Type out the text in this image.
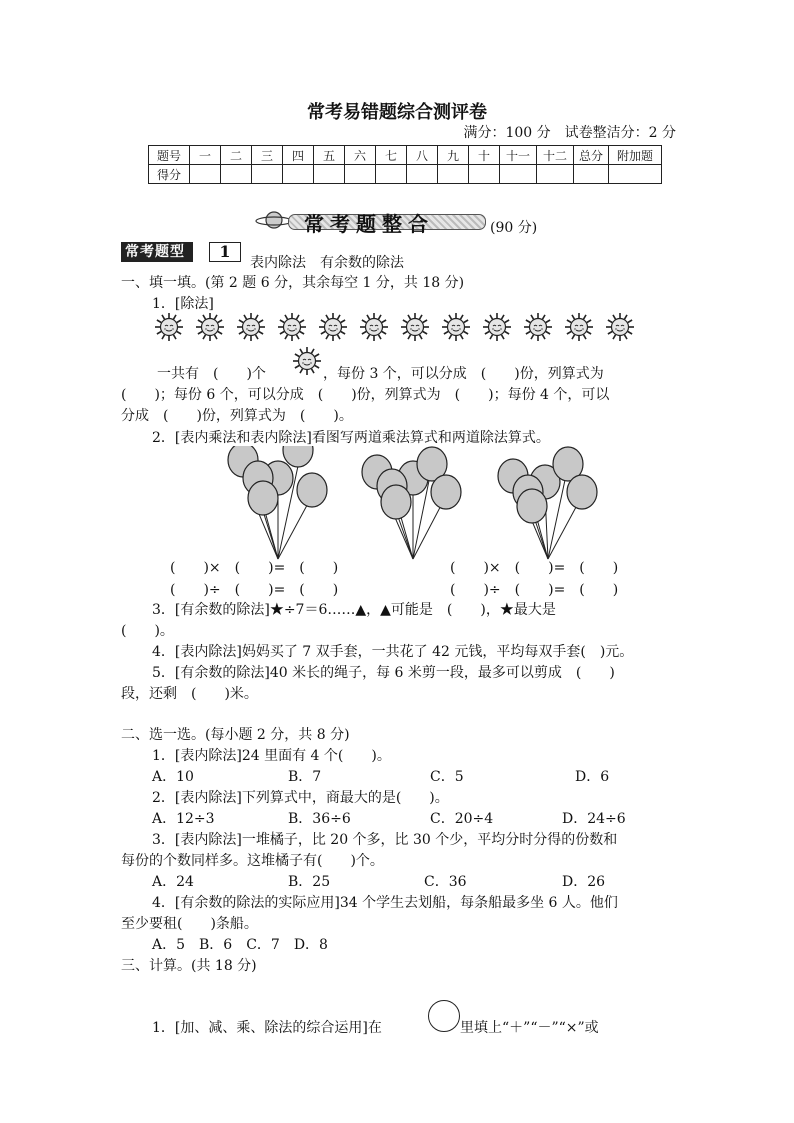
常考易错题综合测评卷
满分：100 分　试卷整洁分：2 分
题号	一	二	三	四	五	六	七	八	九	十	十一	十二	总分	附加题
得分														
常考题整合	(90 分)
常考题型	1
表内除法　有余数的除法
一、填一填。(第 2 题 6 分，其余每空 1 分，共 18 分)
1．[除法]
一共有　(　　)个	，每份 3 个，可以分成　(　　)份，列算式为
(　　)；每份 6 个，可以分成　(　　)份，列算式为　(　　)；每份 4 个，可以
分成　(　　)份，列算式为　(　　)。
2．[表内乘法和表内除法]看图写两道乘法算式和两道除法算式。
(　　)×　(　　)=　(　　)	(　　)×　(　　)=　(　　)
(　　)÷　(　　)=　(　　)	(　　)÷　(　　)=　(　　)
3．[有余数的除法]★÷7＝6……▲，▲可能是　(　　)，★最大是
(　　)。
4．[表内除法]妈妈买了 7 双手套，一共花了 42 元钱，平均每双手套(　)元。
5．[有余数的除法]40 米长的绳子，每 6 米剪一段，最多可以剪成　(　　)
段，还剩　(　　)米。
二、选一选。(每小题 2 分，共 8 分)
1．[表内除法]24 里面有 4 个(　　)。
A．10	B．7	C．5	D．6
2．[表内除法]下列算式中，商最大的是(　　)。
A．12÷3	B．36÷6	C．20÷4	D．24÷6
3．[表内除法]一堆橘子，比 20 个多，比 30 个少，平均分时分得的份数和
每份的个数同样多。这堆橘子有(　　)个。
A．24	B．25	C．36	D．26
4．[有余数的除法的实际应用]34 个学生去划船，每条船最多坐 6 人。他们
至少要租(　　)条船。
A．5　B．6　C．7　D．8
三、计算。(共 18 分)
1．[加、减、乘、除法的综合运用]在	里填上“＋”“－”“×”或
